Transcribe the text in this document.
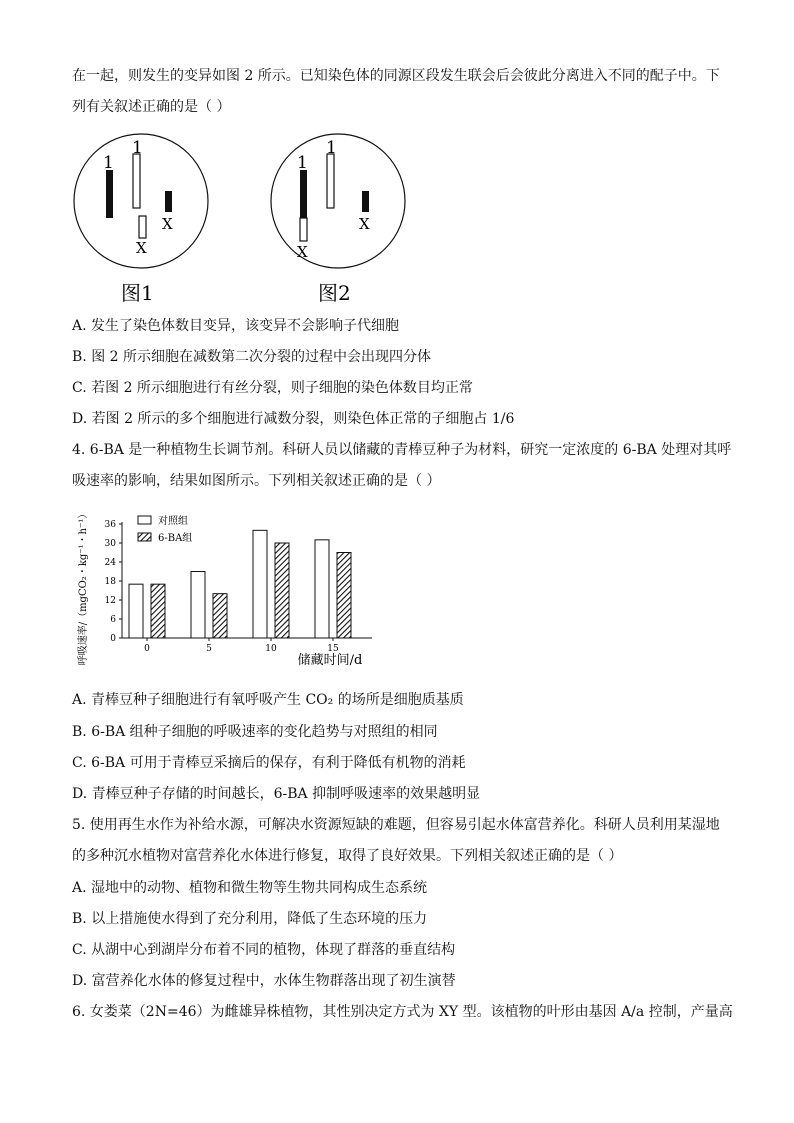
在一起，则发生的变异如图 2 所示。已知染色体的同源区段发生联会后会彼此分离进入不同的配子中。下
列有关叙述正确的是（ ）
1
1
X
X
图1
1
X
1
X
图2
A. 发生了染色体数目变异，该变异不会影响子代细胞
B. 图 2 所示细胞在减数第二次分裂的过程中会出现四分体
C. 若图 2 所示细胞进行有丝分裂，则子细胞的染色体数目均正常
D. 若图 2 所示的多个细胞进行减数分裂，则染色体正常的子细胞占 1/6
4. 6-BA 是一种植物生长调节剂。科研人员以储藏的青棒豆种子为材料，研究一定浓度的 6-BA 处理对其呼
吸速率的影响，结果如图所示。下列相关叙述正确的是（ ）
呼吸速率/（mgCO₂・kg⁻¹・h⁻¹） 0
6
12
18
24
30
36
0	5	10	15
对照组
6-BA组
储藏时间/d
A. 青棒豆种子细胞进行有氧呼吸产生 CO₂ 的场所是细胞质基质
B. 6-BA 组种子细胞的呼吸速率的变化趋势与对照组的相同
C. 6-BA 可用于青棒豆采摘后的保存，有利于降低有机物的消耗
D. 青棒豆种子存储的时间越长，6-BA 抑制呼吸速率的效果越明显
5. 使用再生水作为补给水源，可解决水资源短缺的难题，但容易引起水体富营养化。科研人员利用某湿地
的多种沉水植物对富营养化水体进行修复，取得了良好效果。下列相关叙述正确的是（ ）
A. 湿地中的动物、植物和微生物等生物共同构成生态系统
B. 以上措施使水得到了充分利用，降低了生态环境的压力
C. 从湖中心到湖岸分布着不同的植物，体现了群落的垂直结构
D. 富营养化水体的修复过程中，水体生物群落出现了初生演替
6. 女娄菜（2N=46）为雌雄异株植物，其性别决定方式为 XY 型。该植物的叶形由基因 A/a 控制，产量高
